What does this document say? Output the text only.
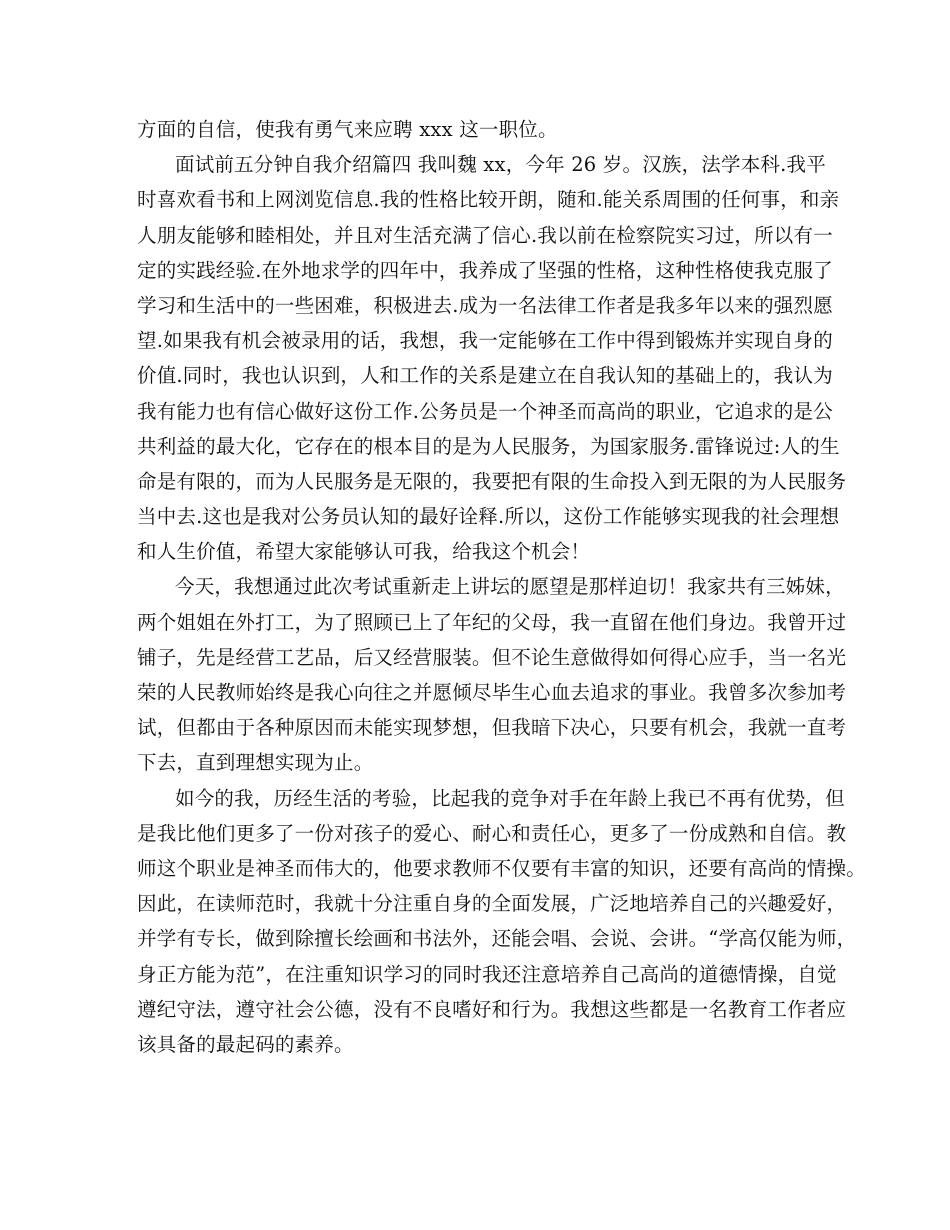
方面的自信，使我有勇气来应聘 xxx 这一职位。
面试前五分钟自我介绍篇四 我叫魏 xx，今年 26 岁。汉族，法学本科.我平
时喜欢看书和上网浏览信息.我的性格比较开朗，随和.能关系周围的任何事，和亲
人朋友能够和睦相处，并且对生活充满了信心.我以前在检察院实习过，所以有一
定的实践经验.在外地求学的四年中，我养成了坚强的性格，这种性格使我克服了
学习和生活中的一些困难，积极进去.成为一名法律工作者是我多年以来的强烈愿
望.如果我有机会被录用的话，我想，我一定能够在工作中得到锻炼并实现自身的
价值.同时，我也认识到，人和工作的关系是建立在自我认知的基础上的，我认为
我有能力也有信心做好这份工作.公务员是一个神圣而高尚的职业，它追求的是公
共利益的最大化，它存在的根本目的是为人民服务，为国家服务.雷锋说过:人的生
命是有限的，而为人民服务是无限的，我要把有限的生命投入到无限的为人民服务
当中去.这也是我对公务员认知的最好诠释.所以，这份工作能够实现我的社会理想
和人生价值，希望大家能够认可我，给我这个机会！
今天，我想通过此次考试重新走上讲坛的愿望是那样迫切！我家共有三姊妹，
两个姐姐在外打工，为了照顾已上了年纪的父母，我一直留在他们身边。我曾开过
铺子，先是经营工艺品，后又经营服装。但不论生意做得如何得心应手，当一名光
荣的人民教师始终是我心向往之并愿倾尽毕生心血去追求的事业。我曾多次参加考
试，但都由于各种原因而未能实现梦想，但我暗下决心，只要有机会，我就一直考
下去，直到理想实现为止。
如今的我，历经生活的考验，比起我的竞争对手在年龄上我已不再有优势，但
是我比他们更多了一份对孩子的爱心、耐心和责任心，更多了一份成熟和自信。教
师这个职业是神圣而伟大的，他要求教师不仅要有丰富的知识，还要有高尚的情操。
因此，在读师范时，我就十分注重自身的全面发展，广泛地培养自己的兴趣爱好，
并学有专长，做到除擅长绘画和书法外，还能会唱、会说、会讲。“学高仅能为师，
身正方能为范”，在注重知识学习的同时我还注意培养自己高尚的道德情操，自觉
遵纪守法，遵守社会公德，没有不良嗜好和行为。我想这些都是一名教育工作者应
该具备的最起码的素养。
